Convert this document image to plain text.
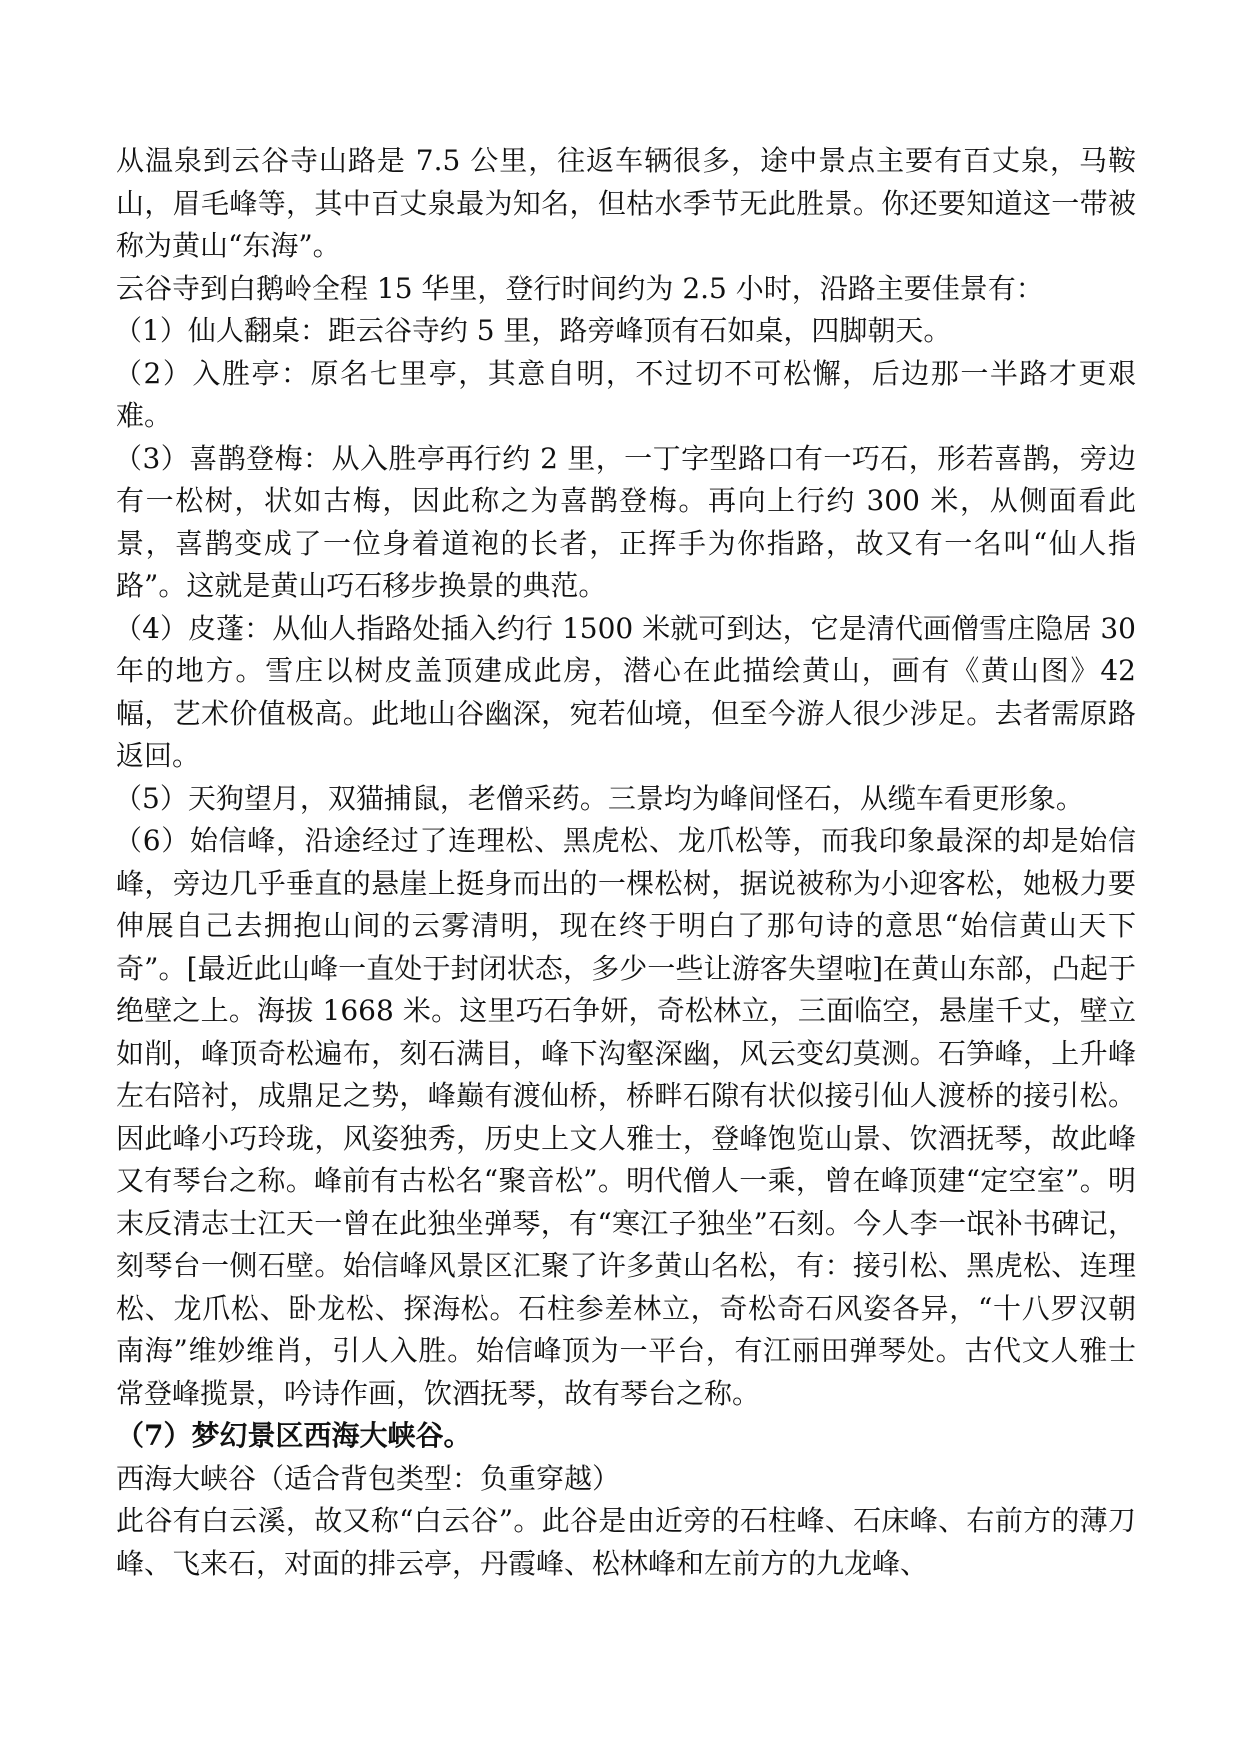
从温泉到云谷寺山路是 7.5 公里，往返车辆很多，途中景点主要有百丈泉，马鞍山，眉毛峰等，其中百丈泉最为知名，但枯水季节无此胜景。你还要知道这一带被称为黄山“东海”。

云谷寺到白鹅岭全程 15 华里，登行时间约为 2.5 小时，沿路主要佳景有：

（1）仙人翻桌：距云谷寺约 5 里，路旁峰顶有石如桌，四脚朝天。

（2）入胜亭：原名七里亭，其意自明，不过切不可松懈，后边那一半路才更艰难。

（3）喜鹊登梅：从入胜亭再行约 2 里，一丁字型路口有一巧石，形若喜鹊，旁边有一松树，状如古梅，因此称之为喜鹊登梅。再向上行约 300 米，从侧面看此景，喜鹊变成了一位身着道袍的长者，正挥手为你指路，故又有一名叫“仙人指路”。这就是黄山巧石移步换景的典范。

（4）皮蓬：从仙人指路处插入约行 1500 米就可到达，它是清代画僧雪庄隐居 30 年的地方。雪庄以树皮盖顶建成此房，潜心在此描绘黄山，画有《黄山图》42 幅，艺术价值极高。此地山谷幽深，宛若仙境，但至今游人很少涉足。去者需原路返回。

（5）天狗望月，双猫捕鼠，老僧采药。三景均为峰间怪石，从缆车看更形象。

（6）始信峰，沿途经过了连理松、黑虎松、龙爪松等，而我印象最深的却是始信峰，旁边几乎垂直的悬崖上挺身而出的一棵松树，据说被称为小迎客松，她极力要伸展自己去拥抱山间的云雾清明，现在终于明白了那句诗的意思“始信黄山天下奇”。[最近此山峰一直处于封闭状态，多少一些让游客失望啦]在黄山东部，凸起于绝壁之上。海拔 1668 米。这里巧石争妍，奇松林立，三面临空，悬崖千丈，壁立如削，峰顶奇松遍布，刻石满目，峰下沟壑深幽，风云变幻莫测。石笋峰，上升峰左右陪衬，成鼎足之势，峰巅有渡仙桥，桥畔石隙有状似接引仙人渡桥的接引松。因此峰小巧玲珑，风姿独秀，历史上文人雅士，登峰饱览山景、饮酒抚琴，故此峰又有琴台之称。峰前有古松名“聚音松”。明代僧人一乘，曾在峰顶建“定空室”。明末反清志士江天一曾在此独坐弹琴，有“寒江子独坐”石刻。今人李一氓补书碑记，刻琴台一侧石壁。始信峰风景区汇聚了许多黄山名松，有：接引松、黑虎松、连理松、龙爪松、卧龙松、探海松。石柱参差林立，奇松奇石风姿各异，“十八罗汉朝南海”维妙维肖，引人入胜。始信峰顶为一平台，有江丽田弹琴处。古代文人雅士常登峰揽景，吟诗作画，饮酒抚琴，故有琴台之称。

（7）梦幻景区西海大峡谷。

西海大峡谷（适合背包类型：负重穿越）

此谷有白云溪，故又称“白云谷”。此谷是由近旁的石柱峰、石床峰、右前方的薄刀峰、飞来石，对面的排云亭，丹霞峰、松林峰和左前方的九龙峰、
